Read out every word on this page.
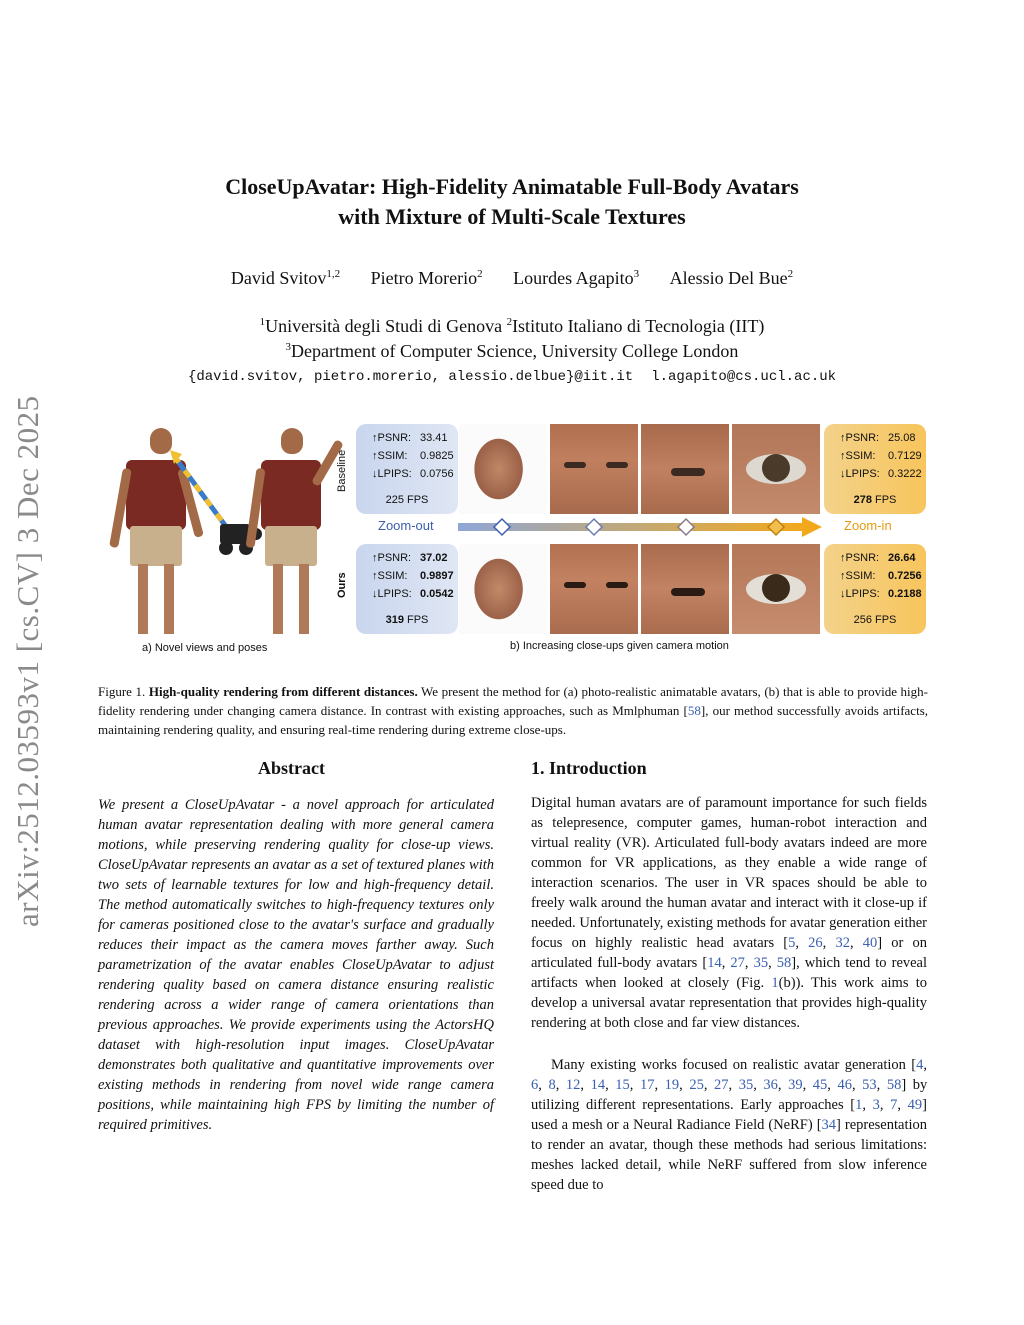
arXiv:2512.03593v1 [cs.CV] 3 Dec 2025
CloseUpAvatar: High-Fidelity Animatable Full-Body Avatars
with Mixture of Multi-Scale Textures
David Svitov$^{1,2}$ Pietro Morerio$^2$ Lourdes Agapito$^3$ Alessio Del Bue$^2$
$^1$Università degli Studi di Genova $^2$Istituto Italiano di Tecnologia (IIT)
$^3$Department of Computer Science, University College London
{david.svitov, pietro.morerio, alessio.delbue}@iit.it l.agapito@cs.ucl.ac.uk
a) Novel views and poses
Baseline
Ours
↑PSNR: 33.41
↑SSIM: 0.9825
↓LPIPS: 0.0756
225 FPS
↑PSNR: 25.08
↑SSIM: 0.7129
↓LPIPS: 0.3222
278 FPS
Zoom-out	Zoom-in
↑PSNR: 37.02
↑SSIM: 0.9897
↓LPIPS: 0.0542
319 FPS
↑PSNR: 26.64
↑SSIM: 0.7256
↓LPIPS: 0.2188
256 FPS
b) Increasing close-ups given camera motion
Figure 1. High-quality rendering from different distances. We present the method for (a) photo-realistic animatable avatars, (b) that is able to provide high-fidelity rendering under changing camera distance. In contrast with existing approaches, such as Mmlphuman [58], our method successfully avoids artifacts, maintaining rendering quality, and ensuring real-time rendering during extreme close-ups.
Abstract
We present a CloseUpAvatar - a novel approach for articulated human avatar representation dealing with more general camera motions, while preserving rendering quality for close-up views. CloseUpAvatar represents an avatar as a set of textured planes with two sets of learnable textures for low and high-frequency detail. The method automatically switches to high-frequency textures only for cameras positioned close to the avatar's surface and gradually reduces their impact as the camera moves farther away. Such parametrization of the avatar enables CloseUpAvatar to adjust rendering quality based on camera distance ensuring realistic rendering across a wider range of camera orientations than previous approaches. We provide experiments using the ActorsHQ dataset with high-resolution input images. CloseUpAvatar demonstrates both qualitative and quantitative improvements over existing methods in rendering from novel wide range camera positions, while maintaining high FPS by limiting the number of required primitives.
1. Introduction
Digital human avatars are of paramount importance for such fields as telepresence, computer games, human-robot interaction and virtual reality (VR). Articulated full-body avatars indeed are more common for VR applications, as they enable a wide range of interaction scenarios. The user in VR spaces should be able to freely walk around the human avatar and interact with it close-up if needed. Unfortunately, existing methods for avatar generation either focus on highly realistic head avatars [5, 26, 32, 40] or on articulated full-body avatars [14, 27, 35, 58], which tend to reveal artifacts when looked at closely (Fig. 1(b)). This work aims to develop a universal avatar representation that provides high-quality rendering at both close and far view distances.
Many existing works focused on realistic avatar generation [4, 6, 8, 12, 14, 15, 17, 19, 25, 27, 35, 36, 39, 45, 46, 53, 58] by utilizing different representations. Early approaches [1, 3, 7, 49] used a mesh or a Neural Radiance Field (NeRF) [34] representation to render an avatar, though these methods had serious limitations: meshes lacked detail, while NeRF suffered from slow inference speed due to
